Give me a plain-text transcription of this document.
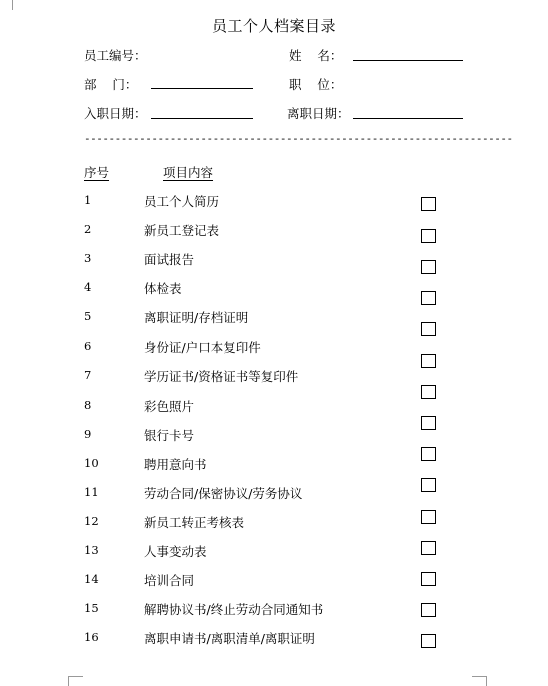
员工个人档案目录
员工编号：	姓    名：
部    门：	职    位：
入职日期：	离职日期：
----------------------------------------------------------------------
序号	项目内容
1	员工个人简历
2	新员工登记表
3	面试报告
4	体检表
5	离职证明/存档证明
6	身份证/户口本复印件
7	学历证书/资格证书等复印件
8	彩色照片
9	银行卡号
10	聘用意向书
11	劳动合同/保密协议/劳务协议
12	新员工转正考核表
13	人事变动表
14	培训合同
15	解聘协议书/终止劳动合同通知书
16	离职申请书/离职清单/离职证明
